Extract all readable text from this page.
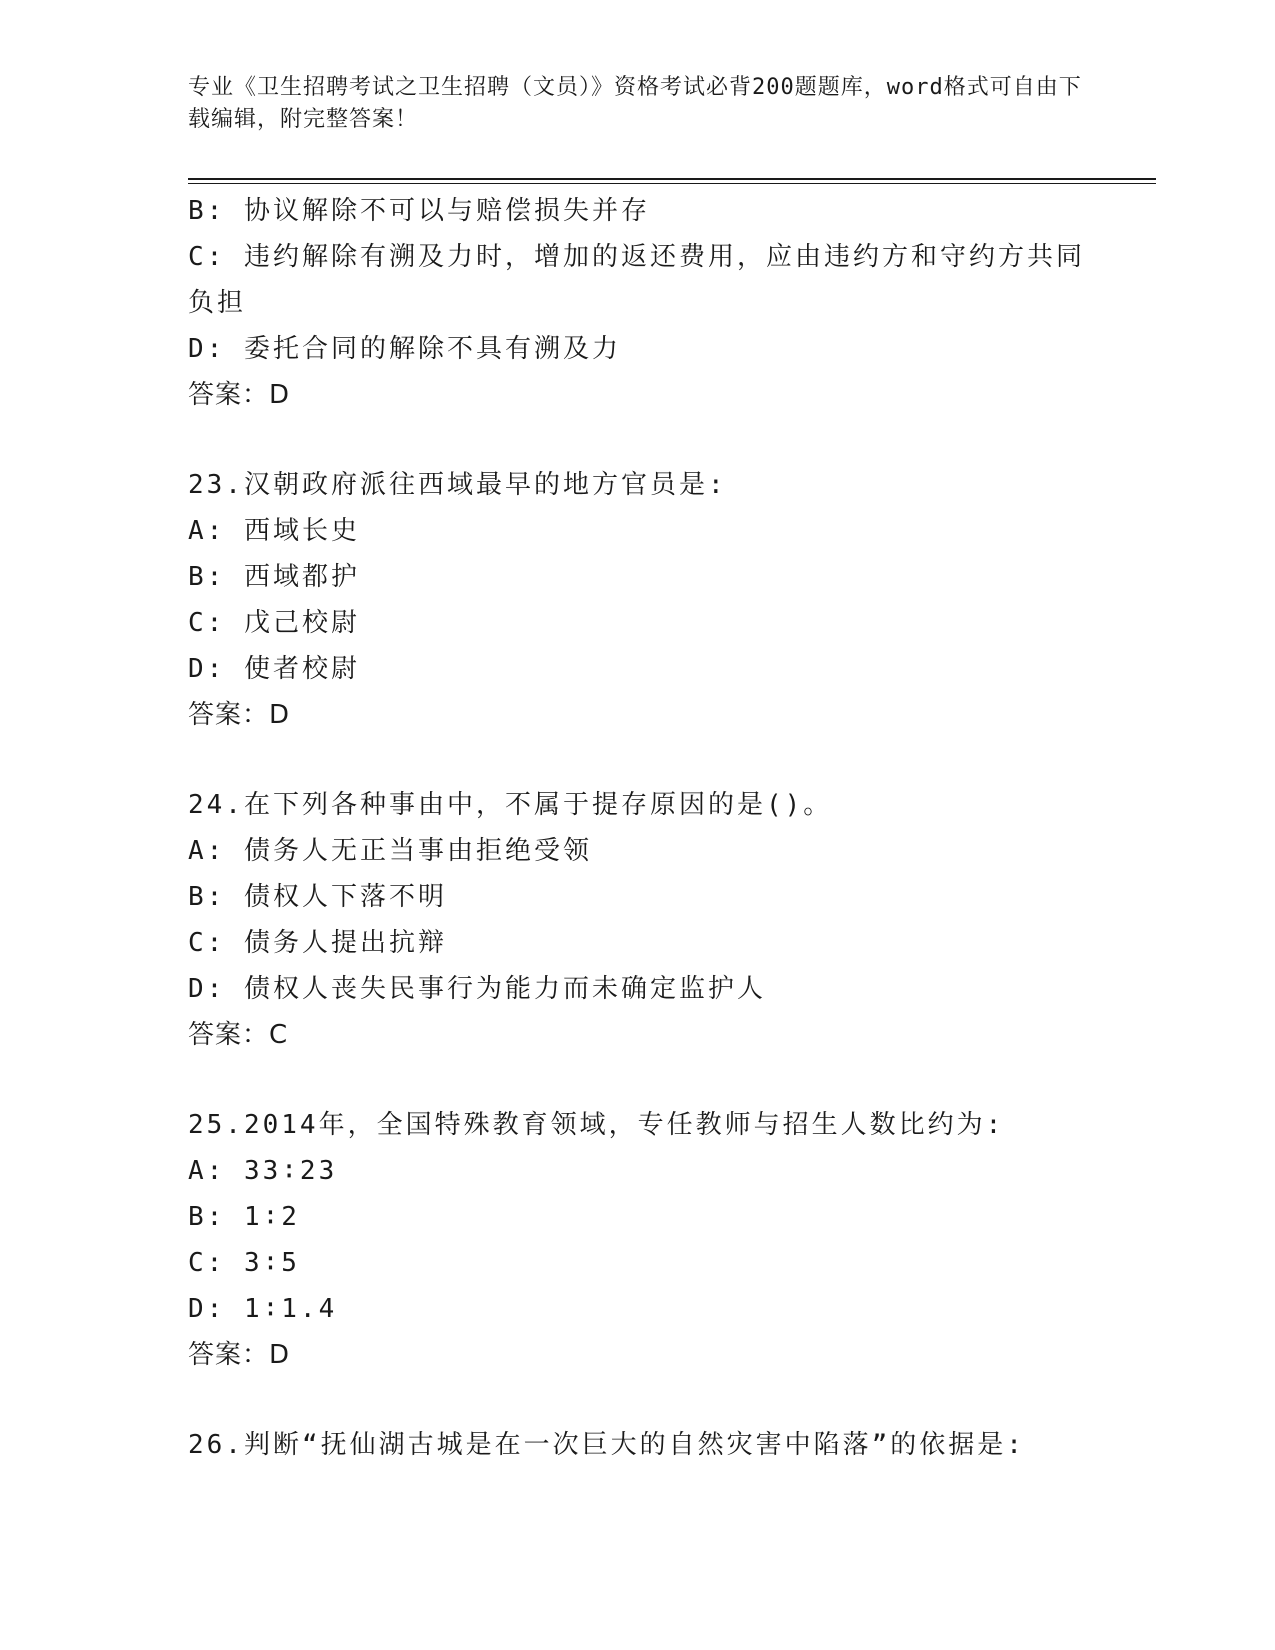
专业《卫生招聘考试之卫生招聘（文员）》资格考试必背200题题库，word格式可自由下载编辑，附完整答案！

B: 协议解除不可以与赔偿损失并存

C: 违约解除有溯及力时，增加的返还费用，应由违约方和守约方共同负担

D: 委托合同的解除不具有溯及力

答案：D

23.汉朝政府派往西域最早的地方官员是:

A: 西域长史

B: 西域都护

C: 戊己校尉

D: 使者校尉

答案：D

24.在下列各种事由中，不属于提存原因的是()。

A: 债务人无正当事由拒绝受领

B: 债权人下落不明

C: 债务人提出抗辩

D: 债权人丧失民事行为能力而未确定监护人

答案：C

25.2014年，全国特殊教育领域，专任教师与招生人数比约为:

A: 33∶23

B: 1∶2

C: 3∶5

D: 1∶1.4

答案：D

26.判断“抚仙湖古城是在一次巨大的自然灾害中陷落”的依据是:
